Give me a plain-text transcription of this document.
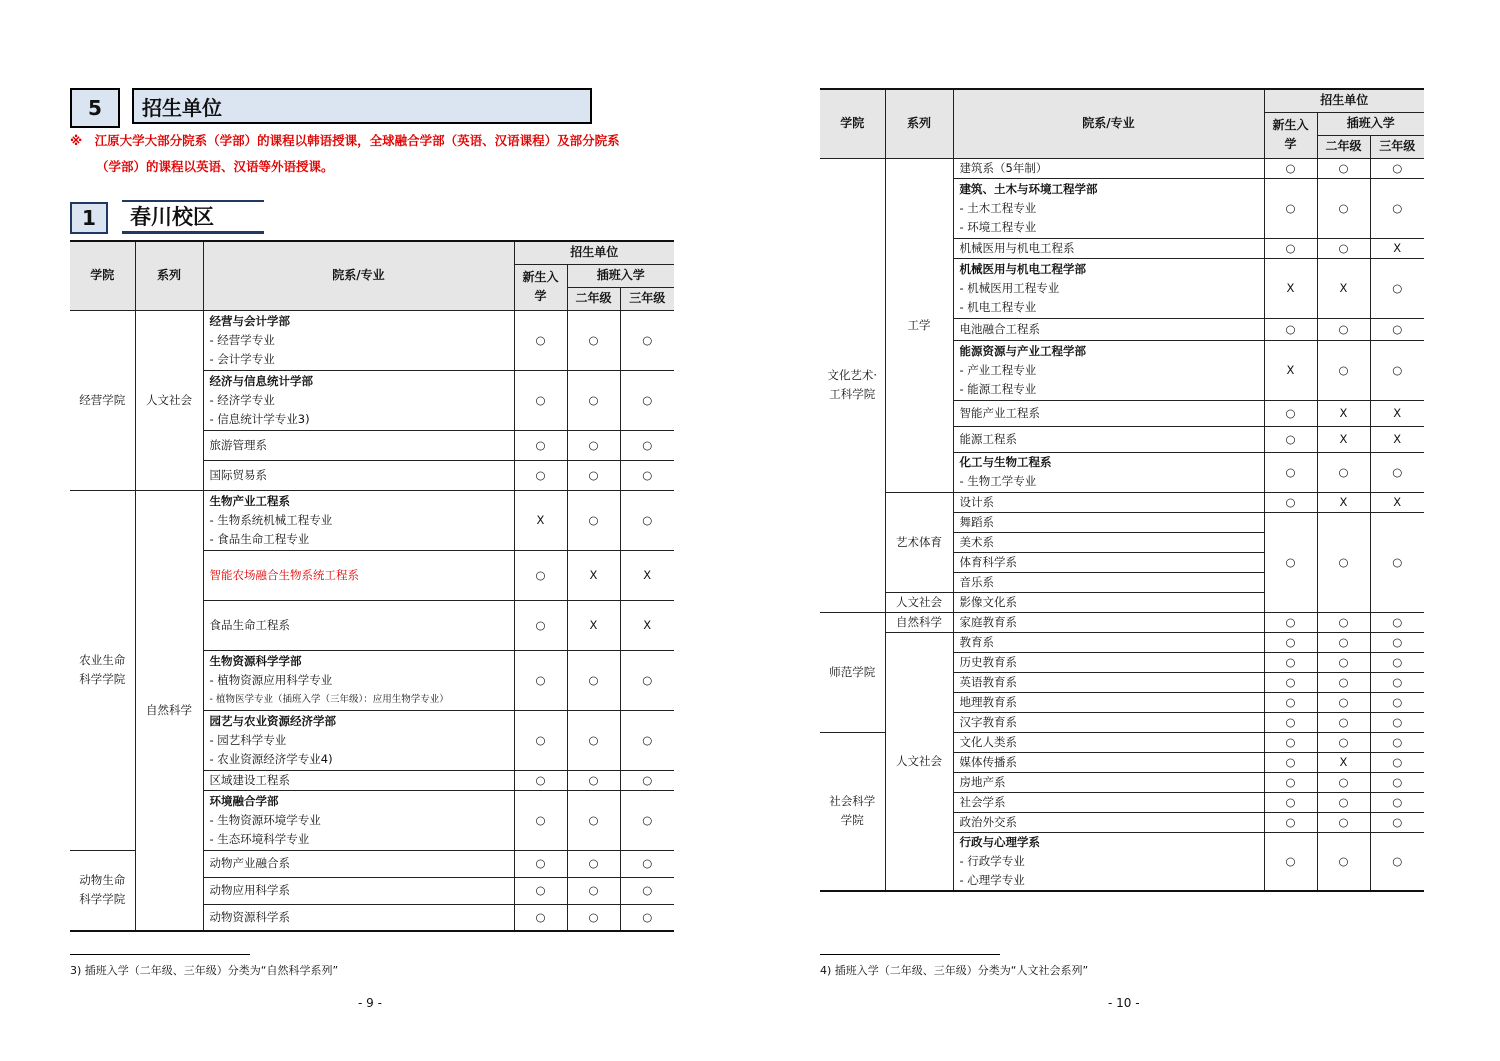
5	招生单位
※　江原大学大部分院系（学部）的课程以韩语授课，全球融合学部（英语、汉语课程）及部分院系
（学部）的课程以英语、汉语等外语授课。
1	春川校区
学院	系列	院系/专业	招生单位		
			新生入
学	插班入学	
				二年级	三年级
经营学院	人文社会	经营与会计学部
- 经营学专业
- 会计学专业	○	○	○

		经济与信息统计学部
- 经济学专业
- 信息统计学专业3)	○	○	○

		旅游管理系	○	○	○

		国际贸易系	○	○	○
农业生命科学学院	自然科学	生物产业工程系
- 生物系统机械工程专业
- 食品生命工程专业	X	○	○

		智能农场融合生物系统工程系	○	X	X

		食品生命工程系	○	X	X

		生物资源科学学部
- 植物资源应用科学专业
- 植物医学专业（插班入学（三年级）：应用生物学专业）	○	○	○

		园艺与农业资源经济学部
- 园艺科学专业
- 农业资源经济学专业4)	○	○	○

		区域建设工程系	○	○	○

		环境融合学部
- 生物资源环境学专业
- 生态环境科学专业	○	○	○
动物生命科学学院		动物产业融合系	○	○	○

		动物应用科学系	○	○	○

		动物资源科学系	○	○	○
3) 插班入学（二年级、三年级）分类为“自然科学系列”
- 9 -
学院	系列	院系/专业	招生单位		
			新生入
学	插班入学	
				二年级	三年级
文化艺术·工科学院	工学	建筑系（5年制）	○	○	○

		建筑、土木与环境工程学部
- 土木工程专业
- 环境工程专业	○	○	○

		机械医用与机电工程系	○	○	X

		机械医用与机电工程学部
- 机械医用工程专业
- 机电工程专业	X	X	○

		电池融合工程系	○	○	○

		能源资源与产业工程学部
- 产业工程专业
- 能源工程专业	X	○	○

		智能产业工程系	○	X	X

		能源工程系	○	X	X

		化工与生物工程系
- 生物工学专业	○	○	○
	艺术体育	设计系	○	X	X

		舞蹈系	○	○	○

		美术系			

		体育科学系			

		音乐系			

	人文社会	影像文化系			

师范学院	自然科学	家庭教育系	○	○	○
	人文社会	教育系	○	○	○

		历史教育系	○	○	○

		英语教育系	○	○	○

		地理教育系	○	○	○

		汉字教育系	○	○	○
社会科学学院		文化人类系	○	○	○

		媒体传播系	○	X	○

		房地产系	○	○	○

		社会学系	○	○	○

		政治外交系	○	○	○

		行政与心理学系
- 行政学专业
- 心理学专业	○	○	○
4) 插班入学（二年级、三年级）分类为“人文社会系列”
- 10 -
